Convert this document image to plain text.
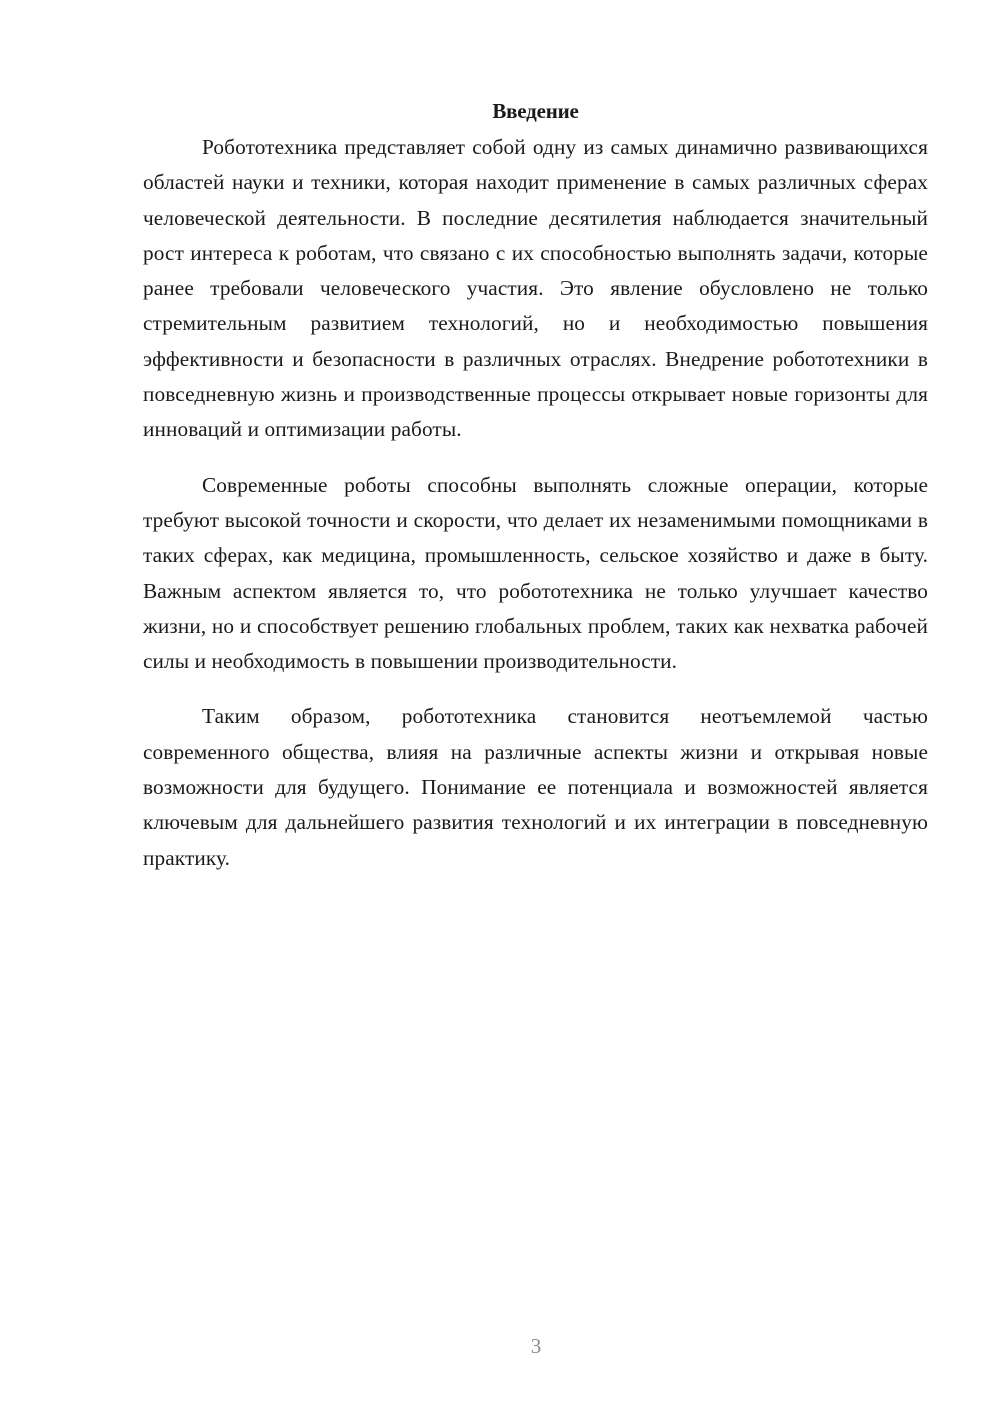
Введение

Робототехника представляет собой одну из самых динамично развивающихся областей науки и техники, которая находит применение в самых различных сферах человеческой деятельности. В последние десятилетия наблюдается значительный рост интереса к роботам, что связано с их способностью выполнять задачи, которые ранее требовали человеческого участия. Это явление обусловлено не только стремительным развитием технологий, но и необходимостью повышения эффективности и безопасности в различных отраслях. Внедрение робототехники в повседневную жизнь и производственные процессы открывает новые горизонты для инноваций и оптимизации работы.

Современные роботы способны выполнять сложные операции, которые требуют высокой точности и скорости, что делает их незаменимыми помощниками в таких сферах, как медицина, промышленность, сельское хозяйство и даже в быту. Важным аспектом является то, что робототехника не только улучшает качество жизни, но и способствует решению глобальных проблем, таких как нехватка рабочей силы и необходимость в повышении производительности.

Таким образом, робототехника становится неотъемлемой частью современного общества, влияя на различные аспекты жизни и открывая новые возможности для будущего. Понимание ее потенциала и возможностей является ключевым для дальнейшего развития технологий и их интеграции в повседневную практику.

3
